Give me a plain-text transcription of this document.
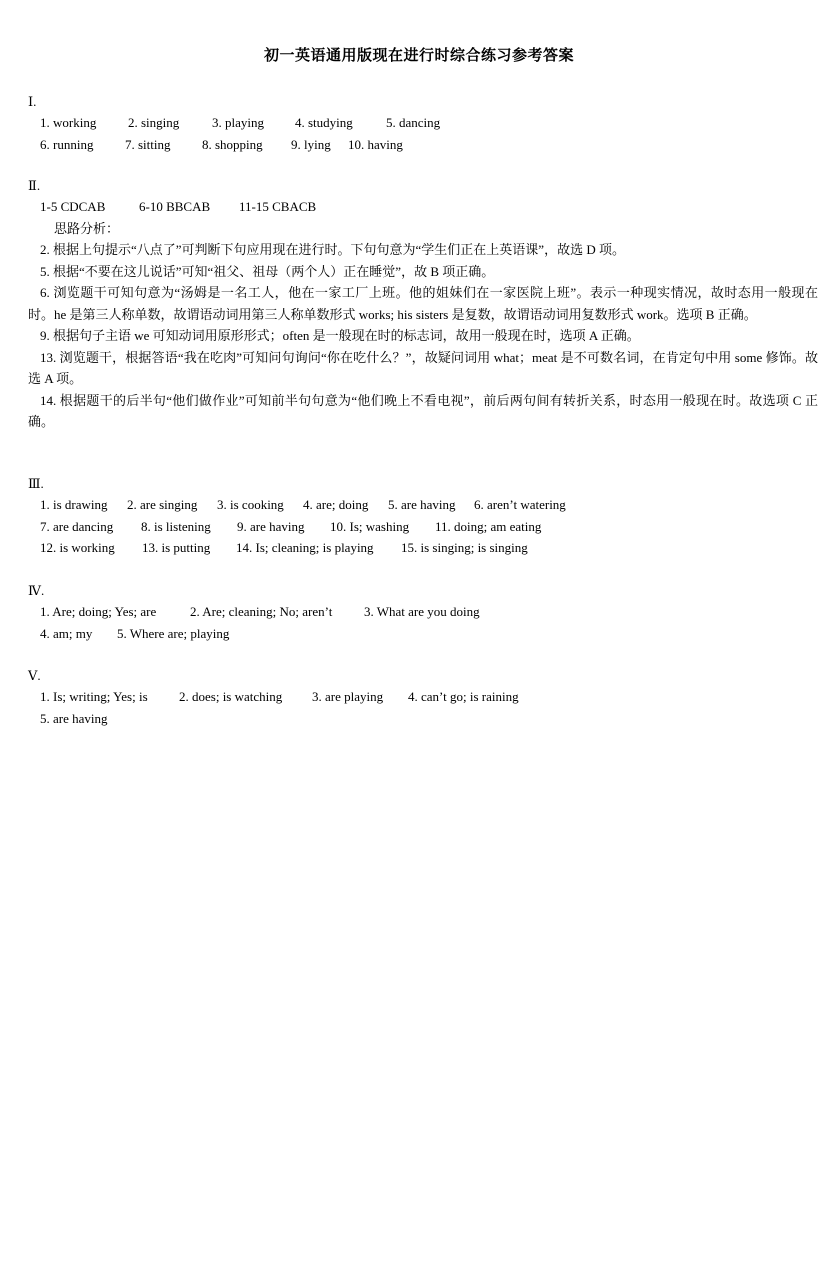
初一英语通用版现在进行时综合练习参考答案
Ⅰ.
1. working 2. singing	3. playing 4. studying	5. dancing
6. running 7. sitting 8. shopping 9. lying 10. having
Ⅱ.
1-5 CDCAB	6-10 BBCAB 11-15 CBACB
思路分析：

2. 根据上句提示“八点了”可判断下句应用现在进行时。下句句意为“学生们正在上英语课”，故选 D 项。

5. 根据“不要在这儿说话”可知“祖父、祖母（两个人）正在睡觉”，故 B 项正确。

6. 浏览题干可知句意为“汤姆是一名工人，他在一家工厂上班。他的姐妹们在一家医院上班”。表示一种现实情况，故时态用一般现在时。he 是第三人称单数，故谓语动词用第三人称单数形式 works; his sisters 是复数，故谓语动词用复数形式 work。选项 B 正确。

9. 根据句子主语 we 可知动词用原形形式；often 是一般现在时的标志词，故用一般现在时，选项 A 正确。

13. 浏览题干，根据答语“我在吃肉”可知问句询问“你在吃什么？”，故疑问词用 what；meat 是不可数名词，在肯定句中用 some 修饰。故选 A 项。

14. 根据题干的后半句“他们做作业”可知前半句句意为“他们晚上不看电视”，前后两句间有转折关系，时态用一般现在时。故选项 C 正确。

Ⅲ.
1. is drawing 2. are singing 3. is cooking 4. are; doing 5. are having 6. aren’t watering
7. are dancing 8. is listening 9. are having 10. Is; washing 11. doing; am eating
12. is working 13. is putting 14. Is; cleaning; is playing 15. is singing; is singing
Ⅳ.
1. Are; doing; Yes; are	2. Are; cleaning; No; aren’t 3. What are you doing
4. am; my 5. Where are; playing
Ⅴ.
1. Is; writing; Yes; is 2. does; is watching 3. are playing 4. can’t go; is raining
5. are having
